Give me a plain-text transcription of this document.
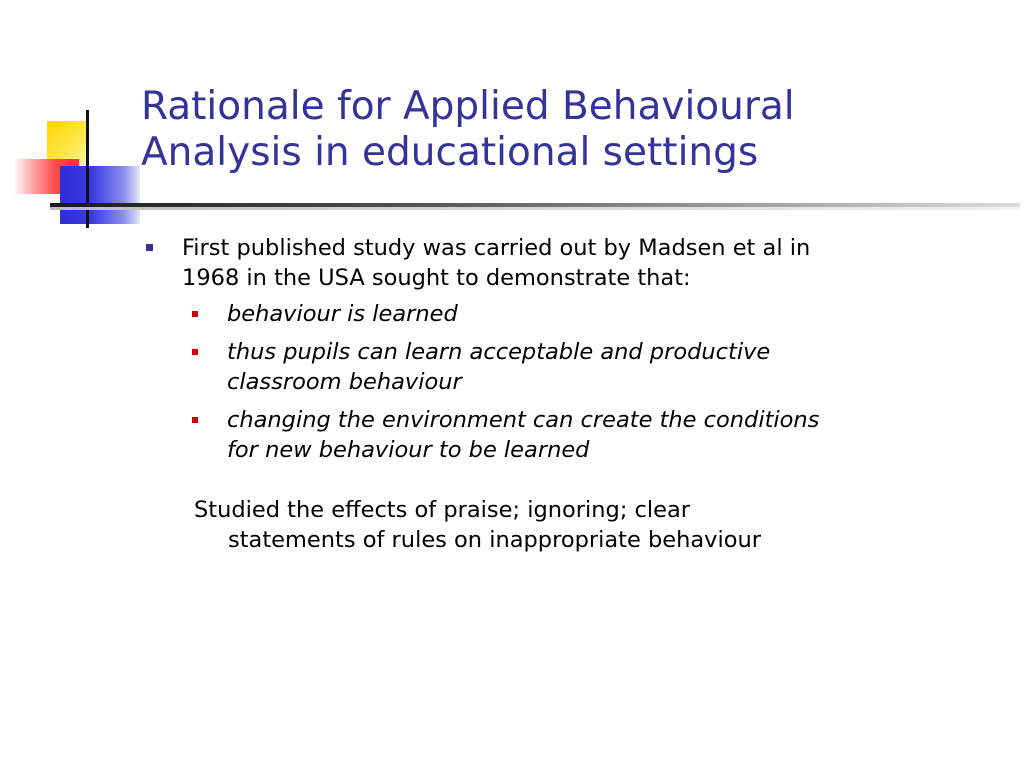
Rationale for Applied Behavioural
Analysis in educational settings
First published study was carried out by Madsen et al in
1968 in the USA sought to demonstrate that:
behaviour is learned
thus pupils can learn acceptable and productive
classroom behaviour
changing the environment can create the conditions
for new behaviour to be learned
Studied the effects of praise; ignoring; clear
statements of rules on inappropriate behaviour
